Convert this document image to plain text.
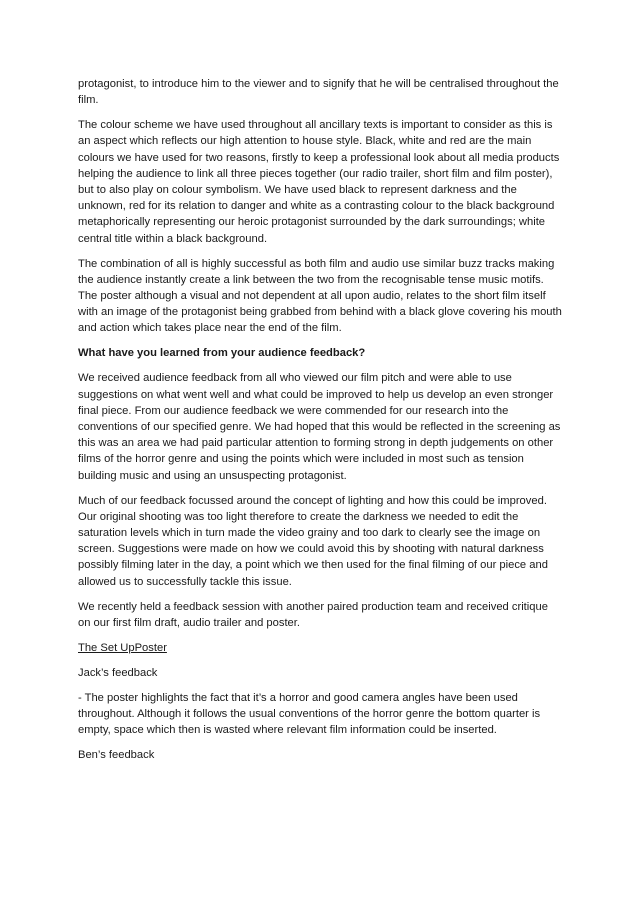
protagonist, to introduce him to the viewer and to signify that he will be centralised throughout the film.

The colour scheme we have used throughout all ancillary texts is important to consider as this is an aspect which reflects our high attention to house style. Black, white and red are the main colours we have used for two reasons, firstly to keep a professional look about all media products helping the audience to link all three pieces together (our radio trailer, short film and film poster), but to also play on colour symbolism. We have used black to represent darkness and the unknown, red for its relation to danger and white as a contrasting colour to the black background metaphorically representing our heroic protagonist surrounded by the dark surroundings; white central title within a black background.

The combination of all is highly successful as both film and audio use similar buzz tracks making the audience instantly create a link between the two from the recognisable tense music motifs. The poster although a visual and not dependent at all upon audio, relates to the short film itself with an image of the protagonist being grabbed from behind with a black glove covering his mouth and action which takes place near the end of the film.

What have you learned from your audience feedback?

We received audience feedback from all who viewed our film pitch and were able to use suggestions on what went well and what could be improved to help us develop an even stronger final piece. From our audience feedback we were commended for our research into the conventions of our specified genre. We had hoped that this would be reflected in the screening as this was an area we had paid particular attention to forming strong in depth judgements on other films of the horror genre and using the points which were included in most such as tension building music and using an unsuspecting protagonist.

Much of our feedback focussed around the concept of lighting and how this could be improved. Our original shooting was too light therefore to create the darkness we needed to edit the saturation levels which in turn made the video grainy and too dark to clearly see the image on screen. Suggestions were made on how we could avoid this by shooting with natural darkness possibly filming later in the day, a point which we then used for the final filming of our piece and allowed us to successfully tackle this issue.

We recently held a feedback session with another paired production team and received critique on our first film draft, audio trailer and poster.

The Set UpPoster

Jack’s feedback

- The poster highlights the fact that it’s a horror and good camera angles have been used throughout. Although it follows the usual conventions of the horror genre the bottom quarter is empty, space which then is wasted where relevant film information could be inserted.

Ben’s feedback
